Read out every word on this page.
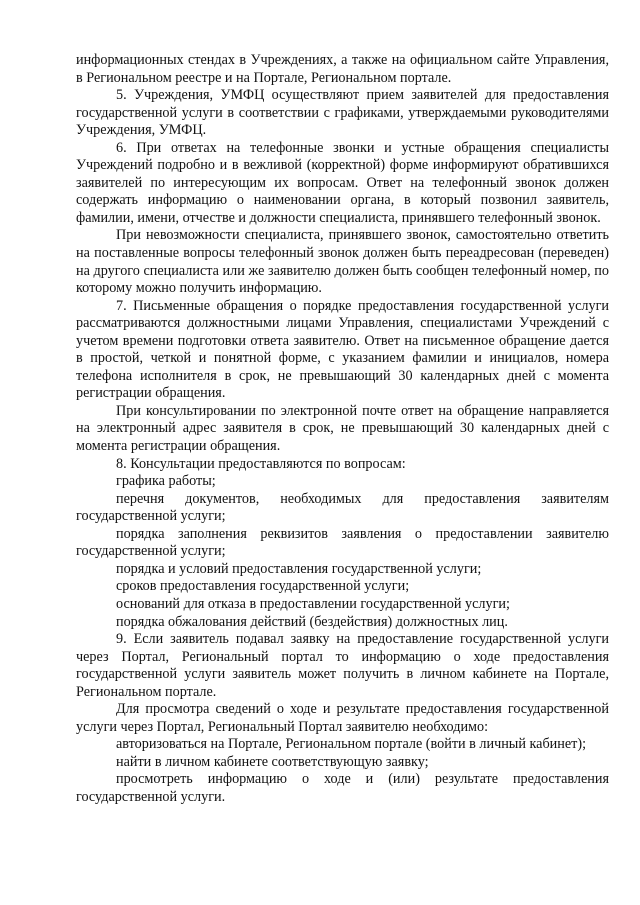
информационных стендах в Учреждениях, а также на официальном сайте Управления, в Региональном реестре и на Портале, Региональном портале.

5. Учреждения, УМФЦ осуществляют прием заявителей для предоставления государственной услуги в соответствии с графиками, утверждаемыми руководителями Учреждения, УМФЦ.

6. При ответах на телефонные звонки и устные обращения специалисты Учреждений подробно и в вежливой (корректной) форме информируют обратившихся заявителей по интересующим их вопросам. Ответ на телефонный звонок должен содержать информацию о наименовании органа, в который позвонил заявитель, фамилии, имени, отчестве и должности специалиста, принявшего телефонный звонок.

При невозможности специалиста, принявшего звонок, самостоятельно ответить на поставленные вопросы телефонный звонок должен быть переадресован (переведен) на другого специалиста или же заявителю должен быть сообщен телефонный номер, по которому можно получить информацию.

7. Письменные обращения о порядке предоставления государственной услуги рассматриваются должностными лицами Управления, специалистами Учреждений с учетом времени подготовки ответа заявителю. Ответ на письменное обращение дается в простой, четкой и понятной форме, с указанием фамилии и инициалов, номера телефона исполнителя в срок, не превышающий 30 календарных дней с момента регистрации обращения.

При консультировании по электронной почте ответ на обращение направляется на электронный адрес заявителя в срок, не превышающий 30 календарных дней с момента регистрации обращения.

8. Консультации предоставляются по вопросам:

графика работы;

перечня документов, необходимых для предоставления заявителям государственной услуги;

порядка заполнения реквизитов заявления о предоставлении заявителю государственной услуги;

порядка и условий предоставления государственной услуги;

сроков предоставления государственной услуги;

оснований для отказа в предоставлении государственной услуги;

порядка обжалования действий (бездействия) должностных лиц.

9. Если заявитель подавал заявку на предоставление государственной услуги через Портал, Региональный портал то информацию о ходе предоставления государственной услуги заявитель может получить в личном кабинете на Портале, Региональном портале.

Для просмотра сведений о ходе и результате предоставления государственной услуги через Портал, Региональный Портал заявителю необходимо:

авторизоваться на Портале, Региональном портале (войти в личный кабинет);

найти в личном кабинете соответствующую заявку;

просмотреть информацию о ходе и (или) результате предоставления государственной услуги.
